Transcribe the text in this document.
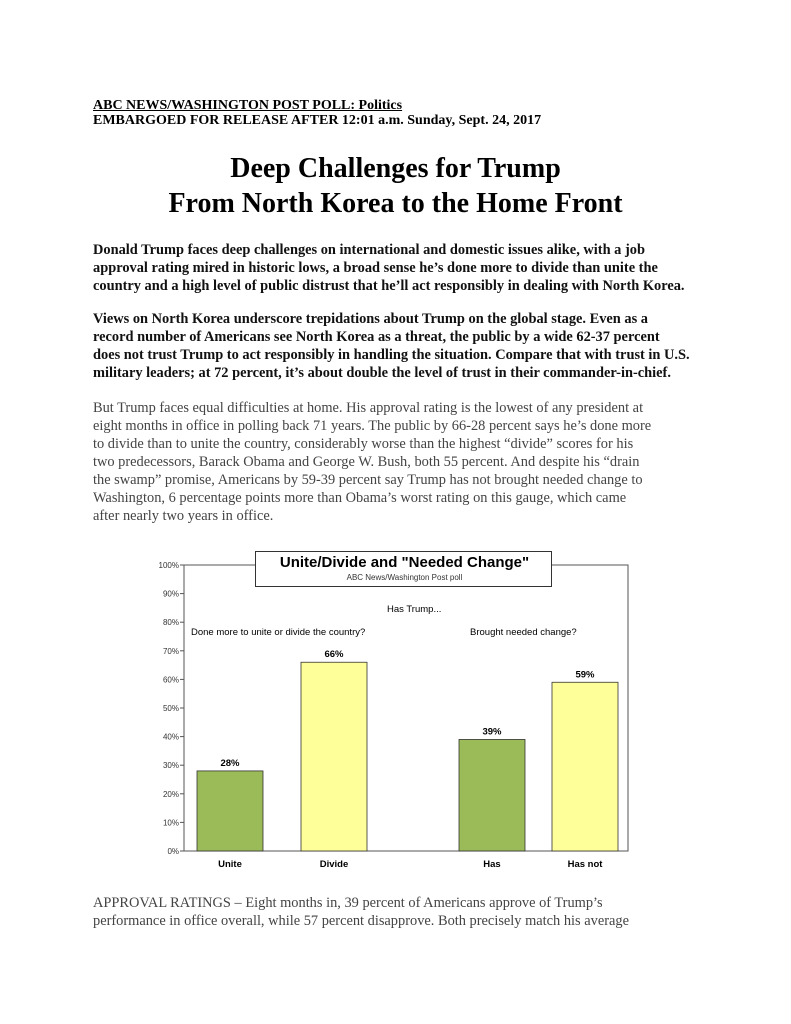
ABC NEWS/WASHINGTON POST POLL: Politics
EMBARGOED FOR RELEASE AFTER 12:01 a.m. Sunday, Sept. 24, 2017
Deep Challenges for Trump
From North Korea to the Home Front
Donald Trump faces deep challenges on international and domestic issues alike, with a job
approval rating mired in historic lows, a broad sense he’s done more to divide than unite the
country and a high level of public distrust that he’ll act responsibly in dealing with North Korea.
Views on North Korea underscore trepidations about Trump on the global stage. Even as a
record number of Americans see North Korea as a threat, the public by a wide 62-37 percent
does not trust Trump to act responsibly in handling the situation. Compare that with trust in U.S.
military leaders; at 72 percent, it’s about double the level of trust in their commander-in-chief.
But Trump faces equal difficulties at home. His approval rating is the lowest of any president at
eight months in office in polling back 71 years. The public by 66-28 percent says he’s done more
to divide than to unite the country, considerably worse than the highest “divide” scores for his
two predecessors, Barack Obama and George W. Bush, both 55 percent. And despite his “drain
the swamp” promise, Americans by 59-39 percent say Trump has not brought needed change to
Washington, 6 percentage points more than Obama’s worst rating on this gauge, which came
after nearly two years in office.
0%
10%
20%
30%
40%
50%
60%
70%
80%
90%
100%
28%
Unite
66%
Divide
39%
Has
59%
Has not
Unite/Divide and "Needed Change"
ABC News/Washington Post poll
Has Trump...
Done more to unite or divide the country?	Brought needed change?
APPROVAL RATINGS – Eight months in, 39 percent of Americans approve of Trump’s
performance in office overall, while 57 percent disapprove. Both precisely match his average
